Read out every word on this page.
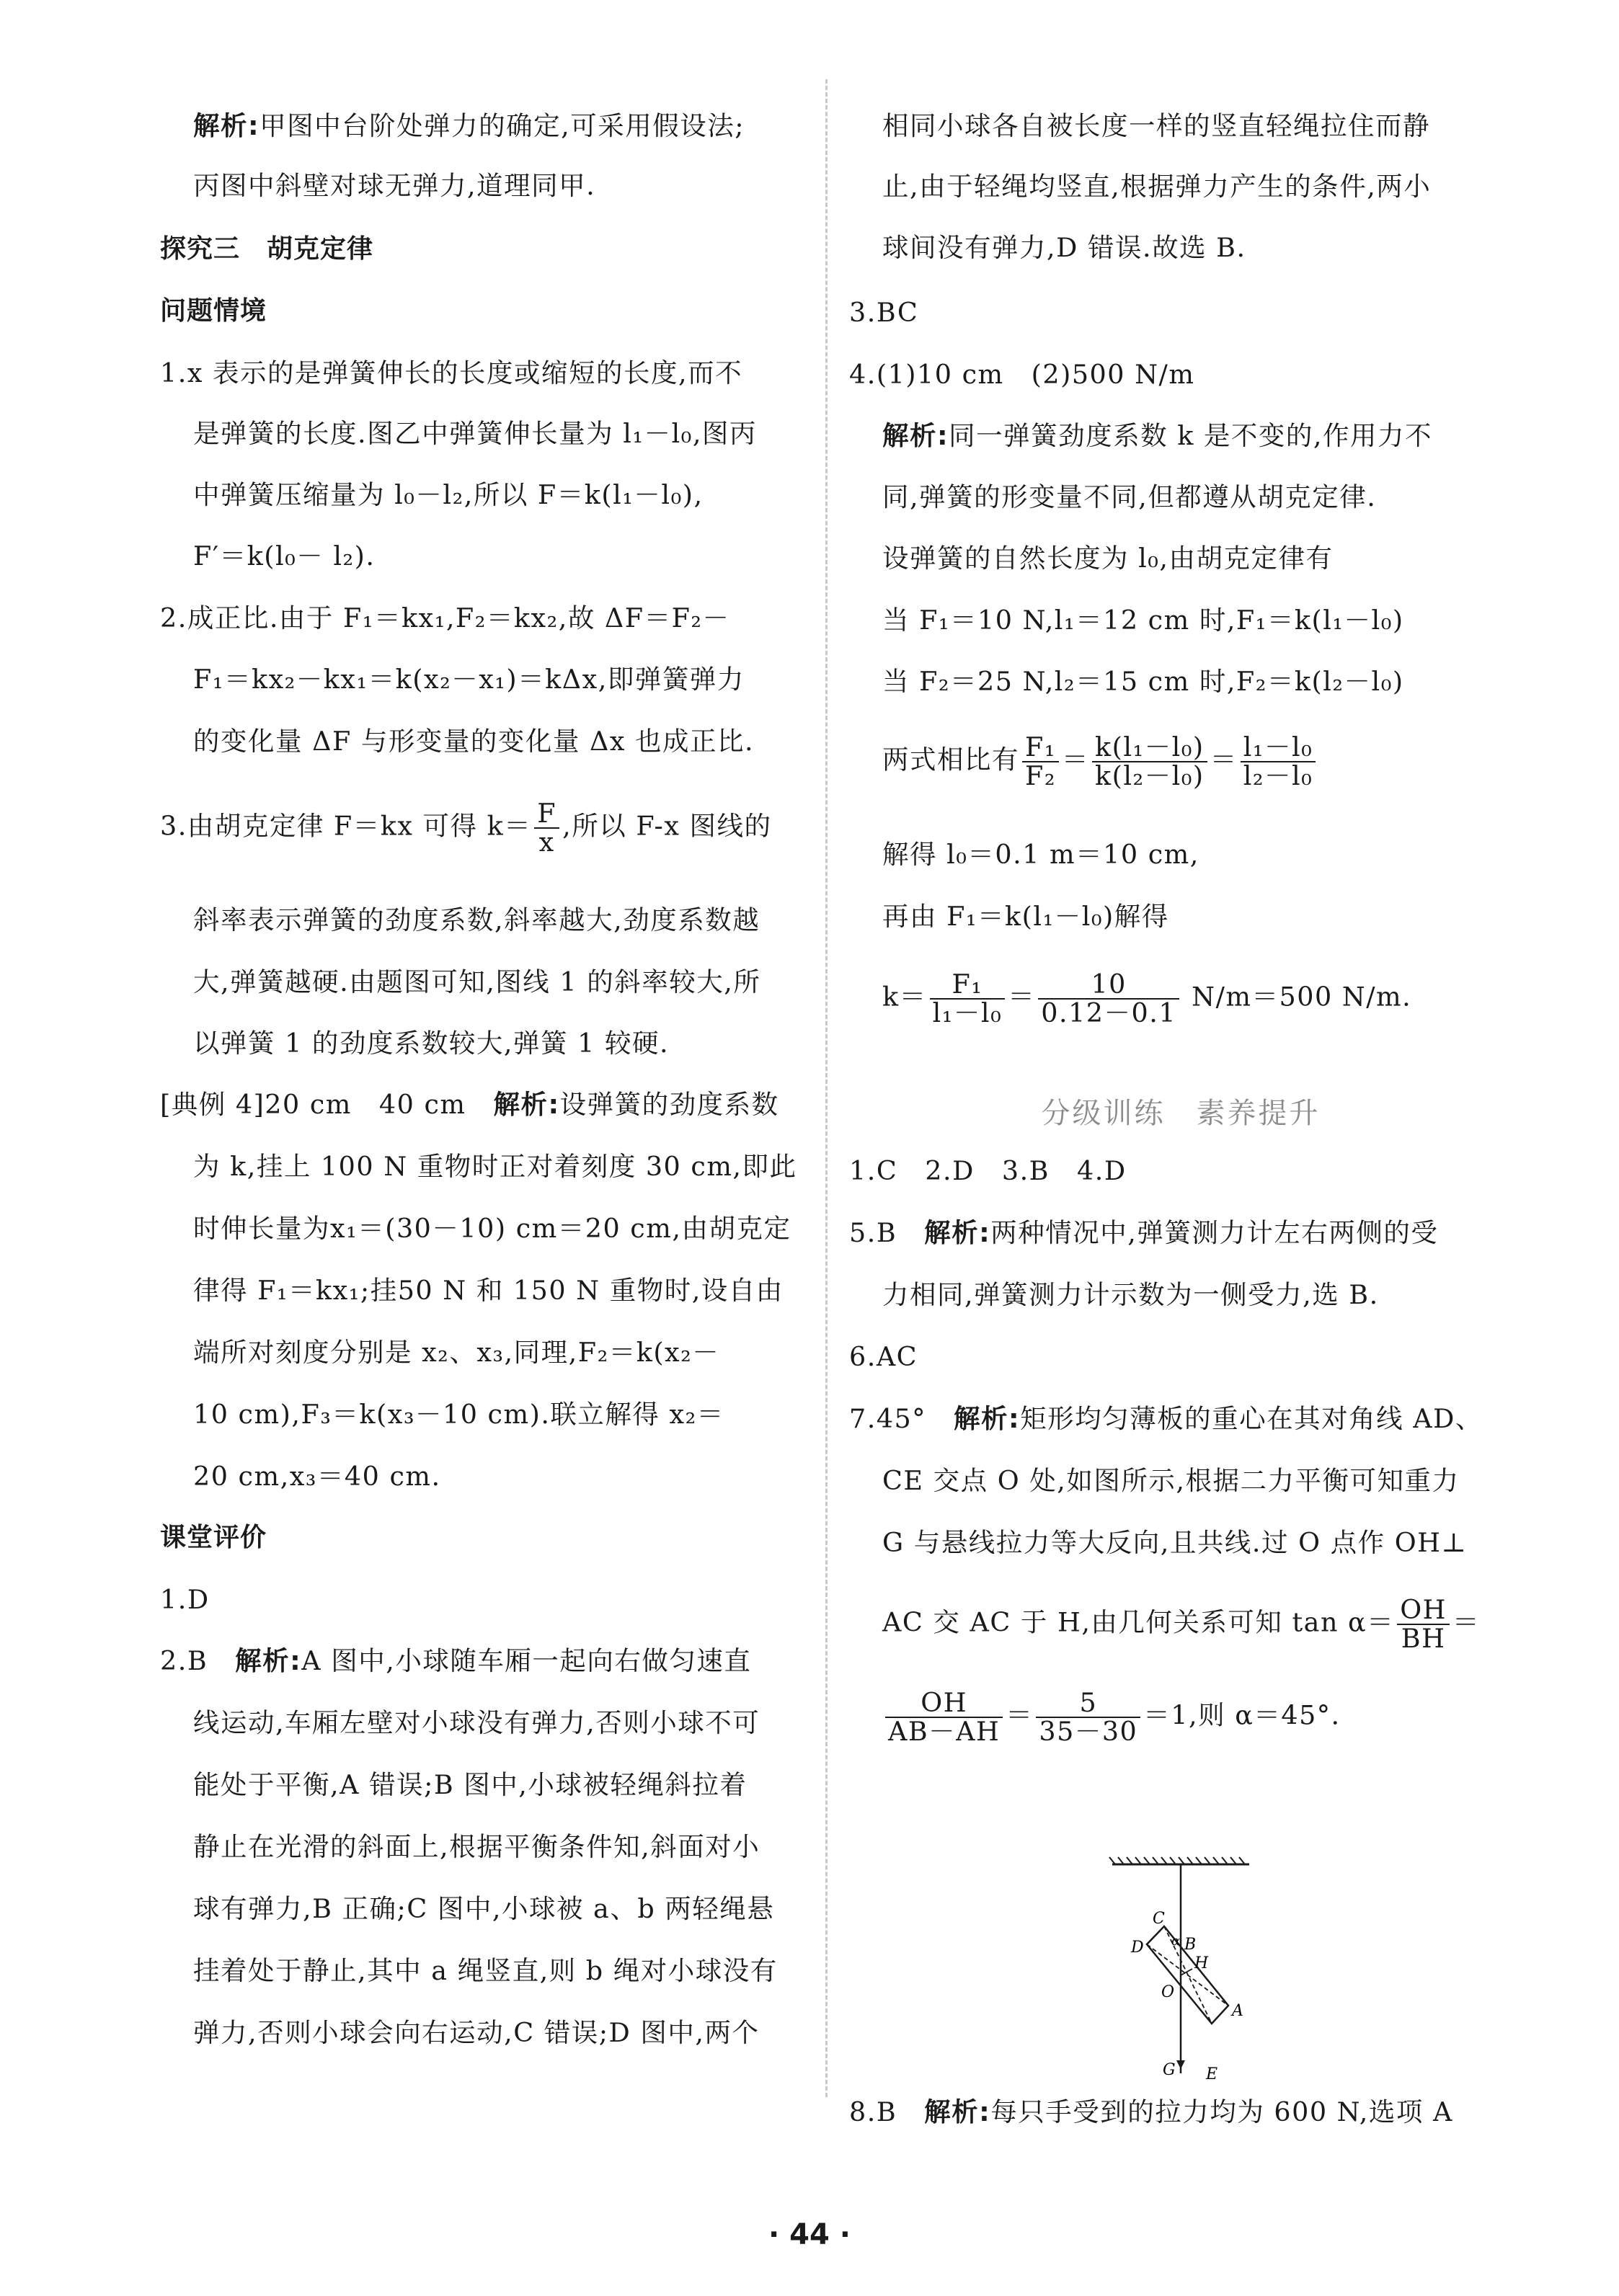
解析:甲图中台阶处弹力的确定,可采用假设法;
丙图中斜壁对球无弹力,道理同甲.
探究三　胡克定律
问题情境
1.x 表示的是弹簧伸长的长度或缩短的长度,而不
是弹簧的长度.图乙中弹簧伸长量为 l₁－l₀,图丙
中弹簧压缩量为 l₀－l₂,所以 F＝k(l₁－l₀),
F′＝k(l₀－ l₂).
2.成正比.由于 F₁＝kx₁,F₂＝kx₂,故 ΔF＝F₂－
F₁＝kx₂－kx₁＝k(x₂－x₁)＝kΔx,即弹簧弹力
的变化量 ΔF 与形变量的变化量 Δx 也成正比.
3.由胡克定律 F＝kx 可得 $k= \frac{F}{x}$ ,所以 F-x 图线的
斜率表示弹簧的劲度系数,斜率越大,劲度系数越
大,弹簧越硬.由题图可知,图线 1 的斜率较大,所
以弹簧 1 的劲度系数较大,弹簧 1 较硬.
[典例 4]20 cm　40 cm　解析:设弹簧的劲度系数
为 k,挂上 100 N 重物时正对着刻度 30 cm,即此
时伸长量为x₁＝(30－10) cm＝20 cm,由胡克定
律得 F₁＝kx₁;挂50 N 和 150 N 重物时,设自由
端所对刻度分别是 x₂、x₃,同理,F₂＝k(x₂－
10 cm),F₃＝k(x₃－10 cm).联立解得 x₂＝
20 cm,x₃＝40 cm.
课堂评价
1.D
2.B　解析:A 图中,小球随车厢一起向右做匀速直
线运动,车厢左壁对小球没有弹力,否则小球不可
能处于平衡,A 错误;B 图中,小球被轻绳斜拉着
静止在光滑的斜面上,根据平衡条件知,斜面对小
球有弹力,B 正确;C 图中,小球被 a、b 两轻绳悬
挂着处于静止,其中 a 绳竖直,则 b 绳对小球没有
弹力,否则小球会向右运动,C 错误;D 图中,两个
相同小球各自被长度一样的竖直轻绳拉住而静
止,由于轻绳均竖直,根据弹力产生的条件,两小
球间没有弹力,D 错误.故选 B.
3.BC
4.(1)10 cm　(2)500 N/m
解析:同一弹簧劲度系数 k 是不变的,作用力不
同,弹簧的形变量不同,但都遵从胡克定律.
设弹簧的自然长度为 l₀,由胡克定律有
当 F₁＝10 N,l₁＝12 cm 时,F₁＝k(l₁－l₀)
当 F₂＝25 N,l₂＝15 cm 时,F₂＝k(l₂－l₀)
两式相比有 $\frac{\text{F₁}}{\text{F₂}} = \frac{\text{k(l₁－l₀)}}{\text{k(l₂－l₀)}} = \frac{\text{l₁－l₀}}{\text{l₂－l₀}}$
解得 l₀＝0.1 m＝10 cm,
再由 F₁＝k(l₁－l₀)解得
$k= \frac{\text{F₁}}{\text{l₁－l₀}} = \frac{10}{0.12-0.1} N/m=500$ N/m.
分级训练　素养提升
1.C　2.D　3.B　4.D
5.B　解析:两种情况中,弹簧测力计左右两侧的受
力相同,弹簧测力计示数为一侧受力,选 B.
6.AC
7.45°　解析:矩形均匀薄板的重心在其对角线 AD、
CE 交点 O 处,如图所示,根据二力平衡可知重力
G 与悬线拉力等大反向,且共线.过 O 点作 OH⊥
AC 交 AC 于 H,由几何关系可知 $\tan \alpha= \frac{OH}{BH}$ ＝
$\frac{OH}{AB-AH} = \frac{5}{35-30} =1$,则 α＝45°.
8.B　解析:每只手受到的拉力均为 600 N,选项 A
C
B
D α
H
O
A
G E
· 44 ·
